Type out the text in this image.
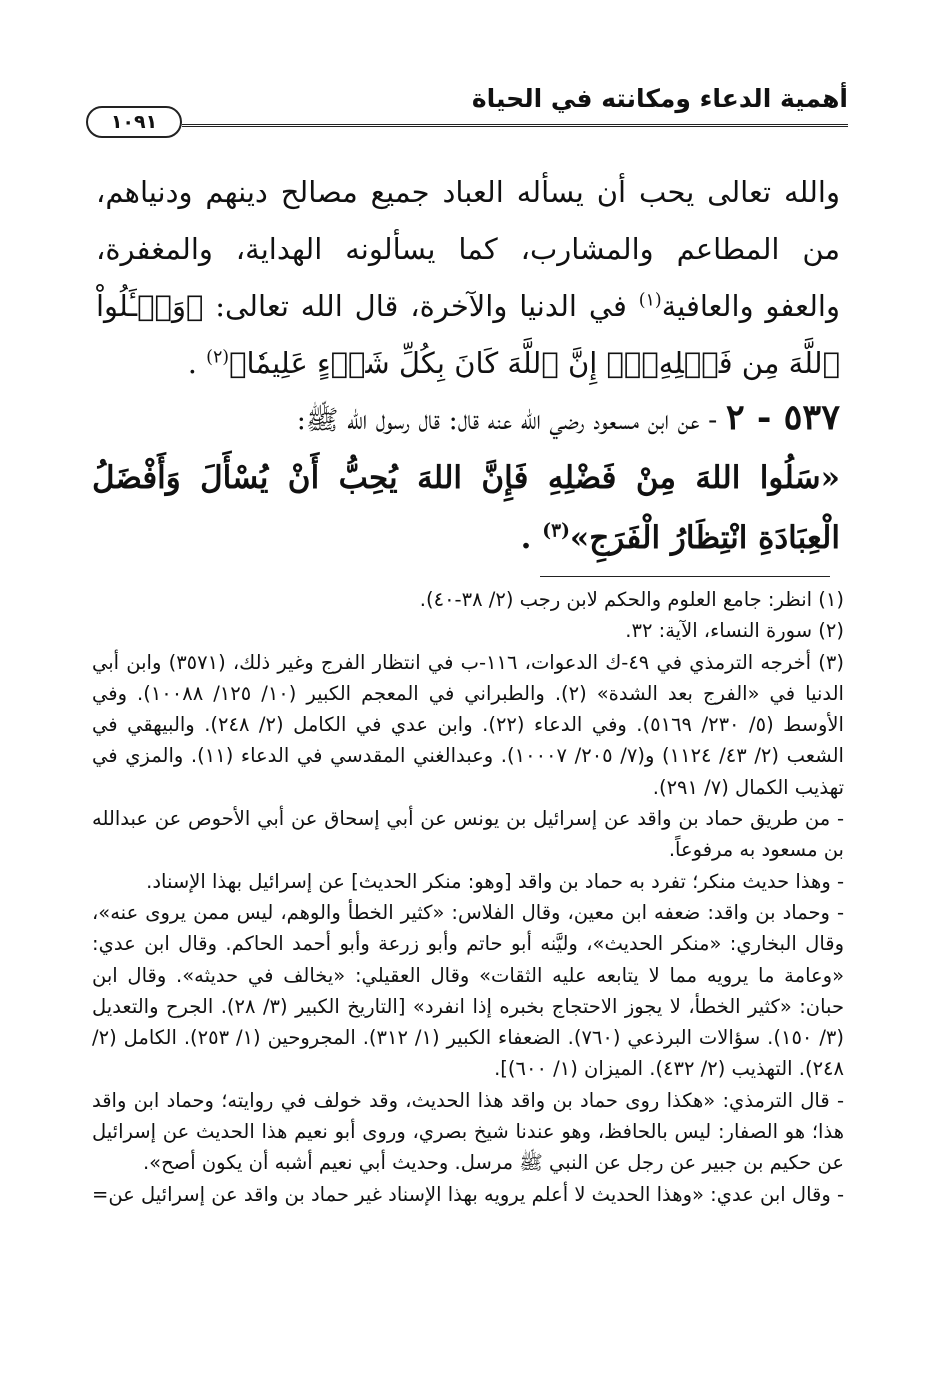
أهمية الدعاء ومكانته في الحياة
١٠٩١
والله تعالى يحب أن يسأله العباد جميع مصالح دينهم ودنياهم، من المطاعم والمشارب، كما يسألونه الهداية، والمغفرة، والعفو والعافية$^{(١)}$ في الدنيا والآخرة، قال الله تعالى: ﴿وَسۡـَٔلُواْ ٱللَّهَ مِن فَضۡلِهِۦٓۚ إِنَّ ٱللَّهَ كَانَ بِكُلِّ شَيۡءٍ عَلِيمٗا﴾$^{(٢)}$ .
٥٣٧ - ٢ - عن ابن مسعود رضي الله عنه قال: قال رسول الله ﷺ:
«سَلُوا اللهَ مِنْ فَضْلِهِ فَإِنَّ اللهَ يُحِبُّ أَنْ يُسْأَلَ وَأَفْضَلُ الْعِبَادَةِ انْتِظَارُ الْفَرَجِ»$^{(٣)}$ .

(١) انظر: جامع العلوم والحكم لابن رجب (٢/ ٣٨-٤٠).

(٢) سورة النساء، الآية: ٣٢.

(٣) أخرجه الترمذي في ٤٩-ك الدعوات، ١١٦-ب في انتظار الفرج وغير ذلك، (٣٥٧١) وابن أبي الدنيا في «الفرج بعد الشدة» (٢). والطبراني في المعجم الكبير (١٠/ ١٢٥/ ١٠٠٨٨). وفي الأوسط (٥/ ٢٣٠/ ٥١٦٩). وفي الدعاء (٢٢). وابن عدي في الكامل (٢/ ٢٤٨). والبيهقي في الشعب (٢/ ٤٣/ ١١٢٤) و(٧/ ٢٠٥/ ١٠٠٠٧). وعبدالغني المقدسي في الدعاء (١١). والمزي في تهذيب الكمال (٧/ ٢٩١).

- من طريق حماد بن واقد عن إسرائيل بن يونس عن أبي إسحاق عن أبي الأحوص عن عبدالله بن مسعود به مرفوعاً.

- وهذا حديث منكر؛ تفرد به حماد بن واقد [وهو: منكر الحديث] عن إسرائيل بهذا الإسناد.

- وحماد بن واقد: ضعفه ابن معين، وقال الفلاس: «كثير الخطأ والوهم، ليس ممن يروى عنه»، وقال البخاري: «منكر الحديث»، وليَّنه أبو حاتم وأبو زرعة وأبو أحمد الحاكم. وقال ابن عدي: «وعامة ما يرويه مما لا يتابعه عليه الثقات» وقال العقيلي: «يخالف في حديثه». وقال ابن حبان: «كثير الخطأ، لا يجوز الاحتجاج بخبره إذا انفرد» [التاريخ الكبير (٣/ ٢٨). الجرح والتعديل (٣/ ١٥٠). سؤالات البرذعي (٧٦٠). الضعفاء الكبير (١/ ٣١٢). المجروحين (١/ ٢٥٣). الكامل (٢/ ٢٤٨). التهذيب (٢/ ٤٣٢). الميزان (١/ ٦٠٠)].

- قال الترمذي: «هكذا روى حماد بن واقد هذا الحديث، وقد خولف في روايته؛ وحماد ابن واقد هذا؛ هو الصفار: ليس بالحافظ، وهو عندنا شيخ بصري، وروى أبو نعيم هذا الحديث عن إسرائيل عن حكيم بن جبير عن رجل عن النبي ﷺ مرسل. وحديث أبي نعيم أشبه أن يكون أصح».

- وقال ابن عدي: «وهذا الحديث لا أعلم يرويه بهذا الإسناد غير حماد بن واقد عن إسرائيل عن=
